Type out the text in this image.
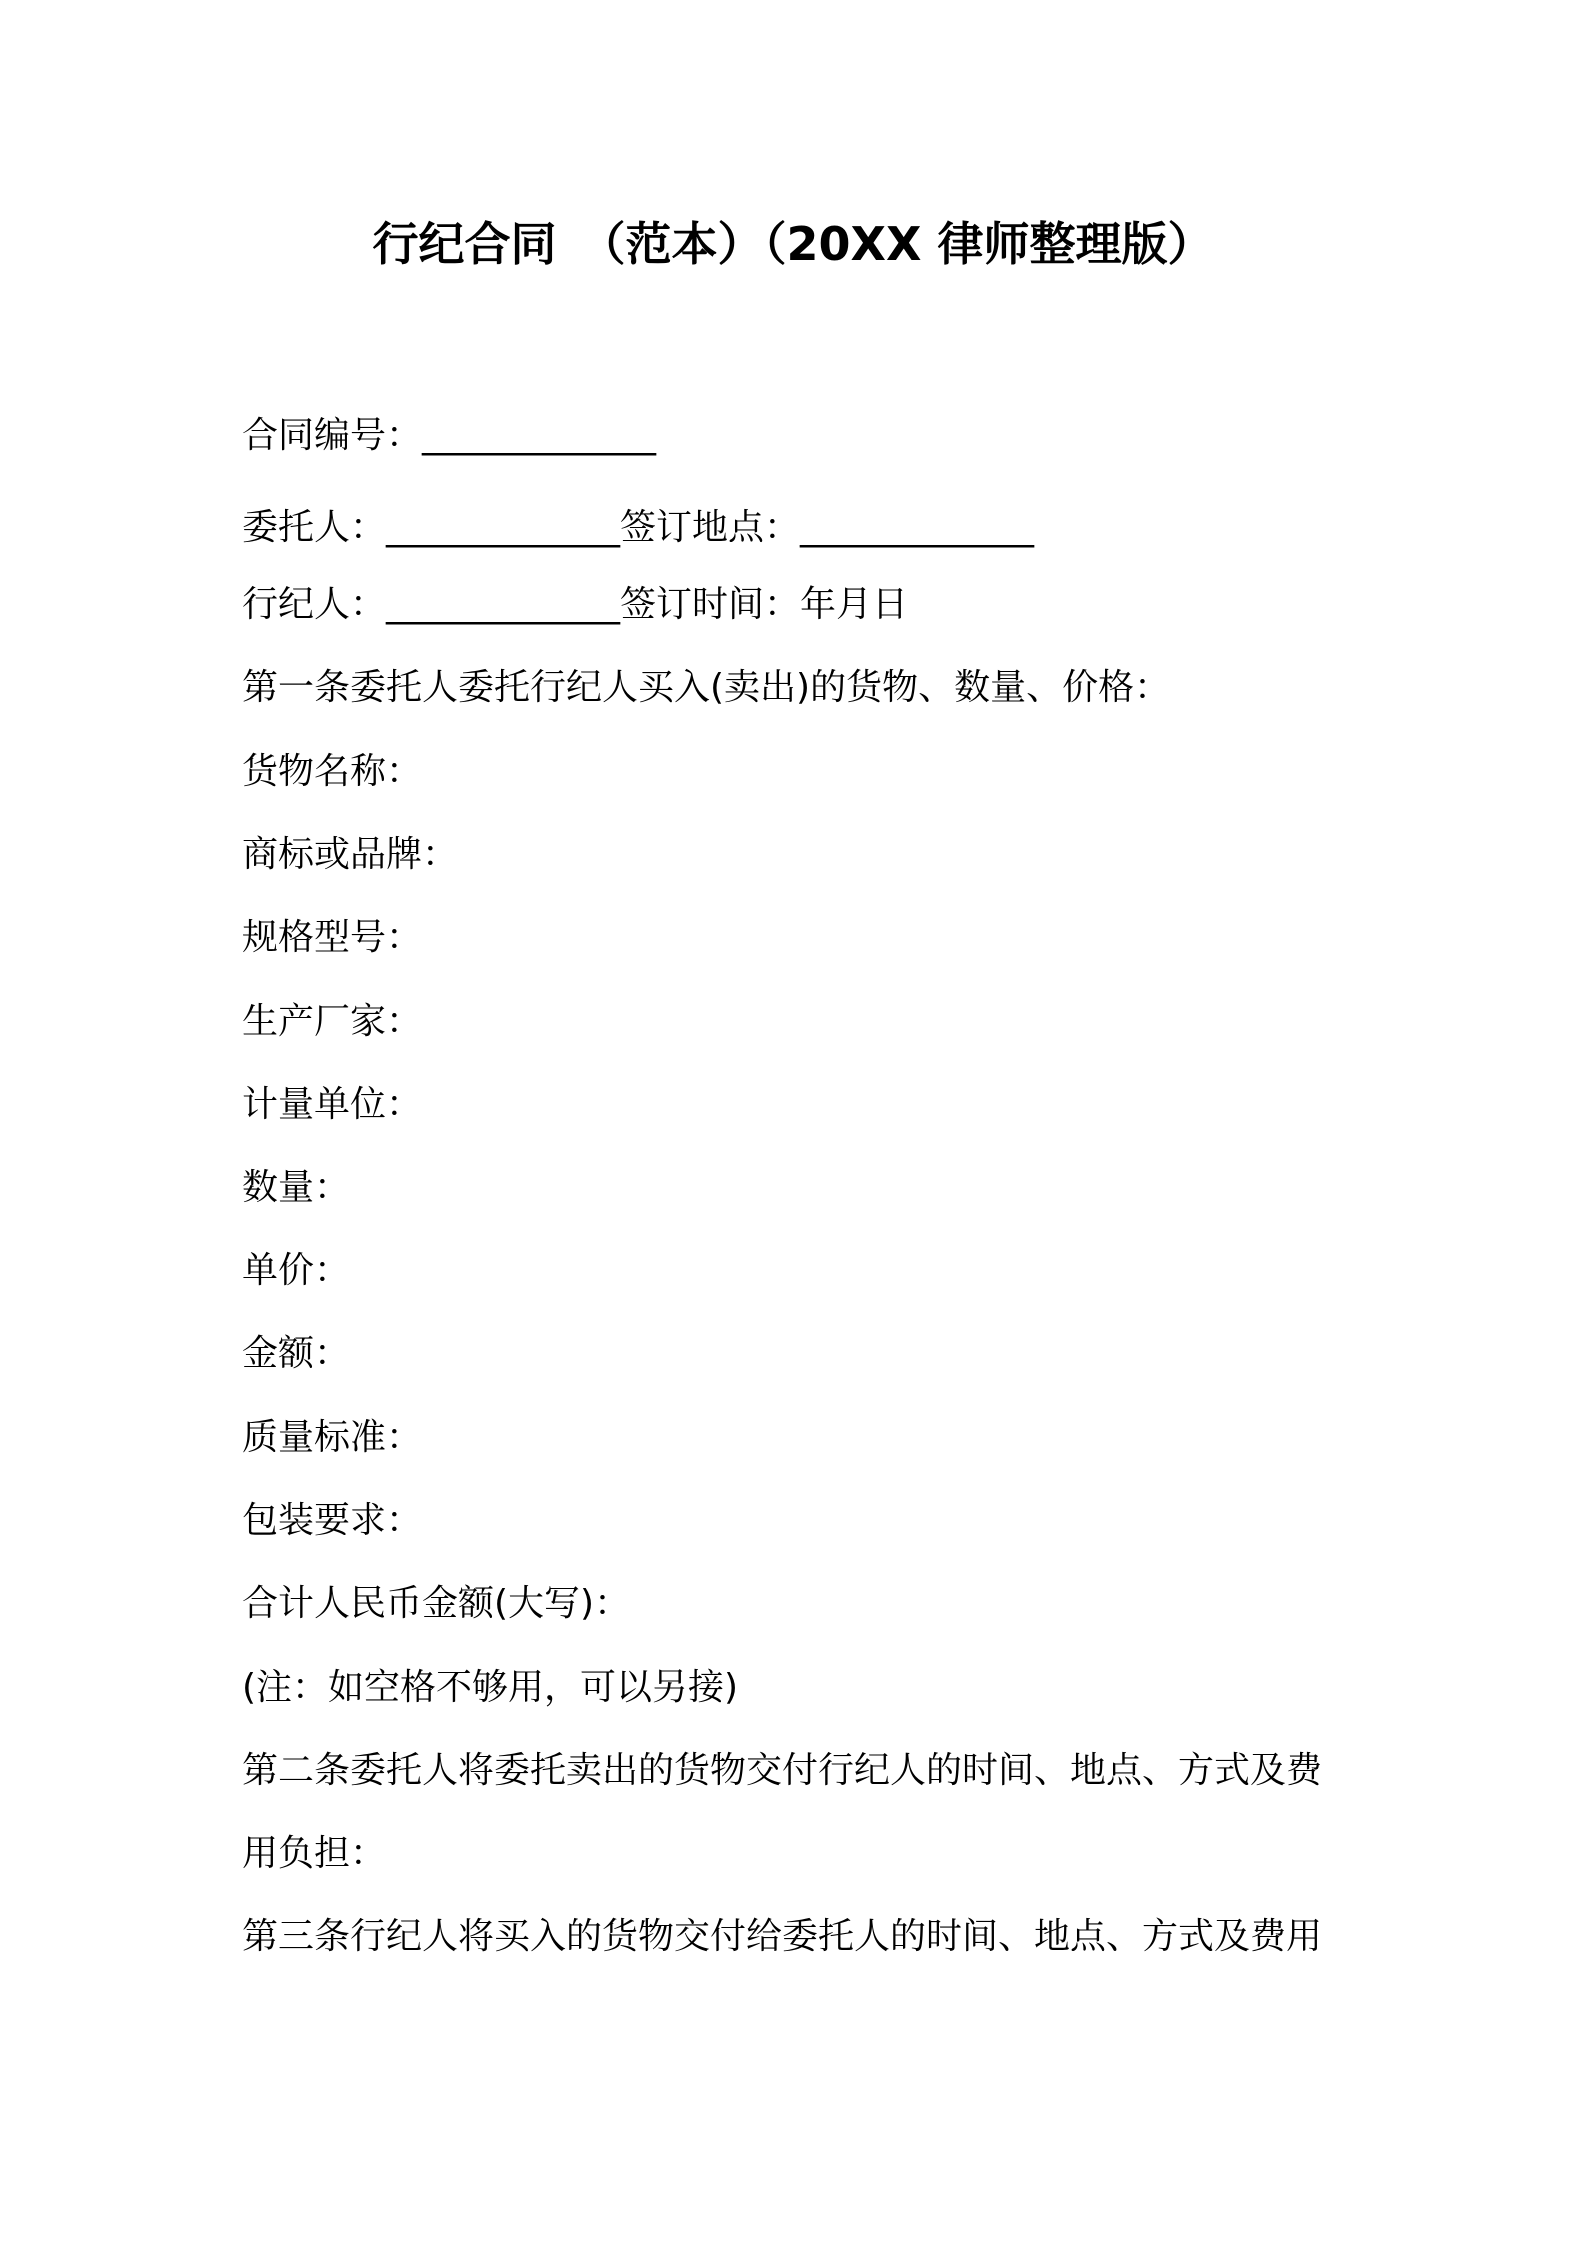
行纪合同　（范本）（20XX 律师整理版）
合同编号：_____________
委托人：_____________签订地点：_____________
行纪人：_____________签订时间：年月日
第一条委托人委托行纪人买入(卖出)的货物、数量、价格：
货物名称：
商标或品牌：
规格型号：
生产厂家：
计量单位：
数量：
单价：
金额：
质量标准：
包装要求：
合计人民币金额(大写)：
(注：如空格不够用，可以另接)
第二条委托人将委托卖出的货物交付行纪人的时间、地点、方式及费
用负担：
第三条行纪人将买入的货物交付给委托人的时间、地点、方式及费用
